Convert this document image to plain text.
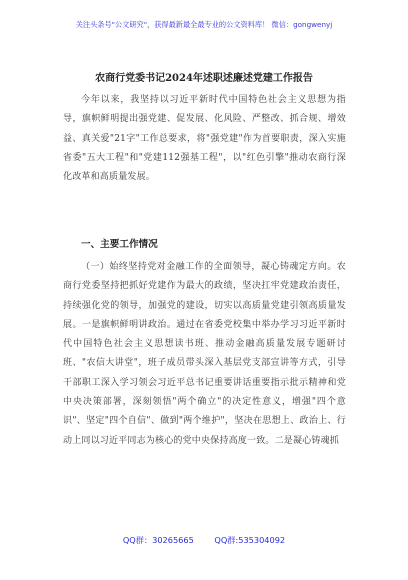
关注头条号"公文研究"，获得最新最全最专业的公文资料库！ 微信：gongwenyj
农商行党委书记2024年述职述廉述党建工作报告

今年以来，我坚持以习近平新时代中国特色社会主义思想为指导，旗帜鲜明提出强党建、促发展、化风险、严整改、抓合规、增效益、真关爱"21字"工作总要求，将"强党建"作为首要职责，深入实施省委"五大工程"和"党建112强基工程"，以"红色引擎"推动农商行深化改革和高质量发展。

一、主要工作情况

（一）始终坚持党对金融工作的全面领导，凝心铸魂定方向。农商行党委坚持把抓好党建作为最大的政绩，坚决扛牢党建政治责任，持续强化党的领导，加强党的建设，切实以高质量党建引领高质量发展。一是旗帜鲜明讲政治。通过在省委党校集中举办学习习近平新时代中国特色社会主义思想读书班、推动金融高质量发展专题研讨班、"农信大讲堂"，班子成员带头深入基层党支部宣讲等方式，引导干部职工深入学习领会习近平总书记重要讲话重要指示批示精神和党中央决策部署，深刻领悟"两个确立"的决定性意义，增强"四个意识"、坚定"四个自信"、做到"两个维护"，坚决在思想上、政治上、行动上同以习近平同志为核心的党中央保持高度一致。二是凝心铸魂抓

QQ群：30265665	QQ群:535304092
